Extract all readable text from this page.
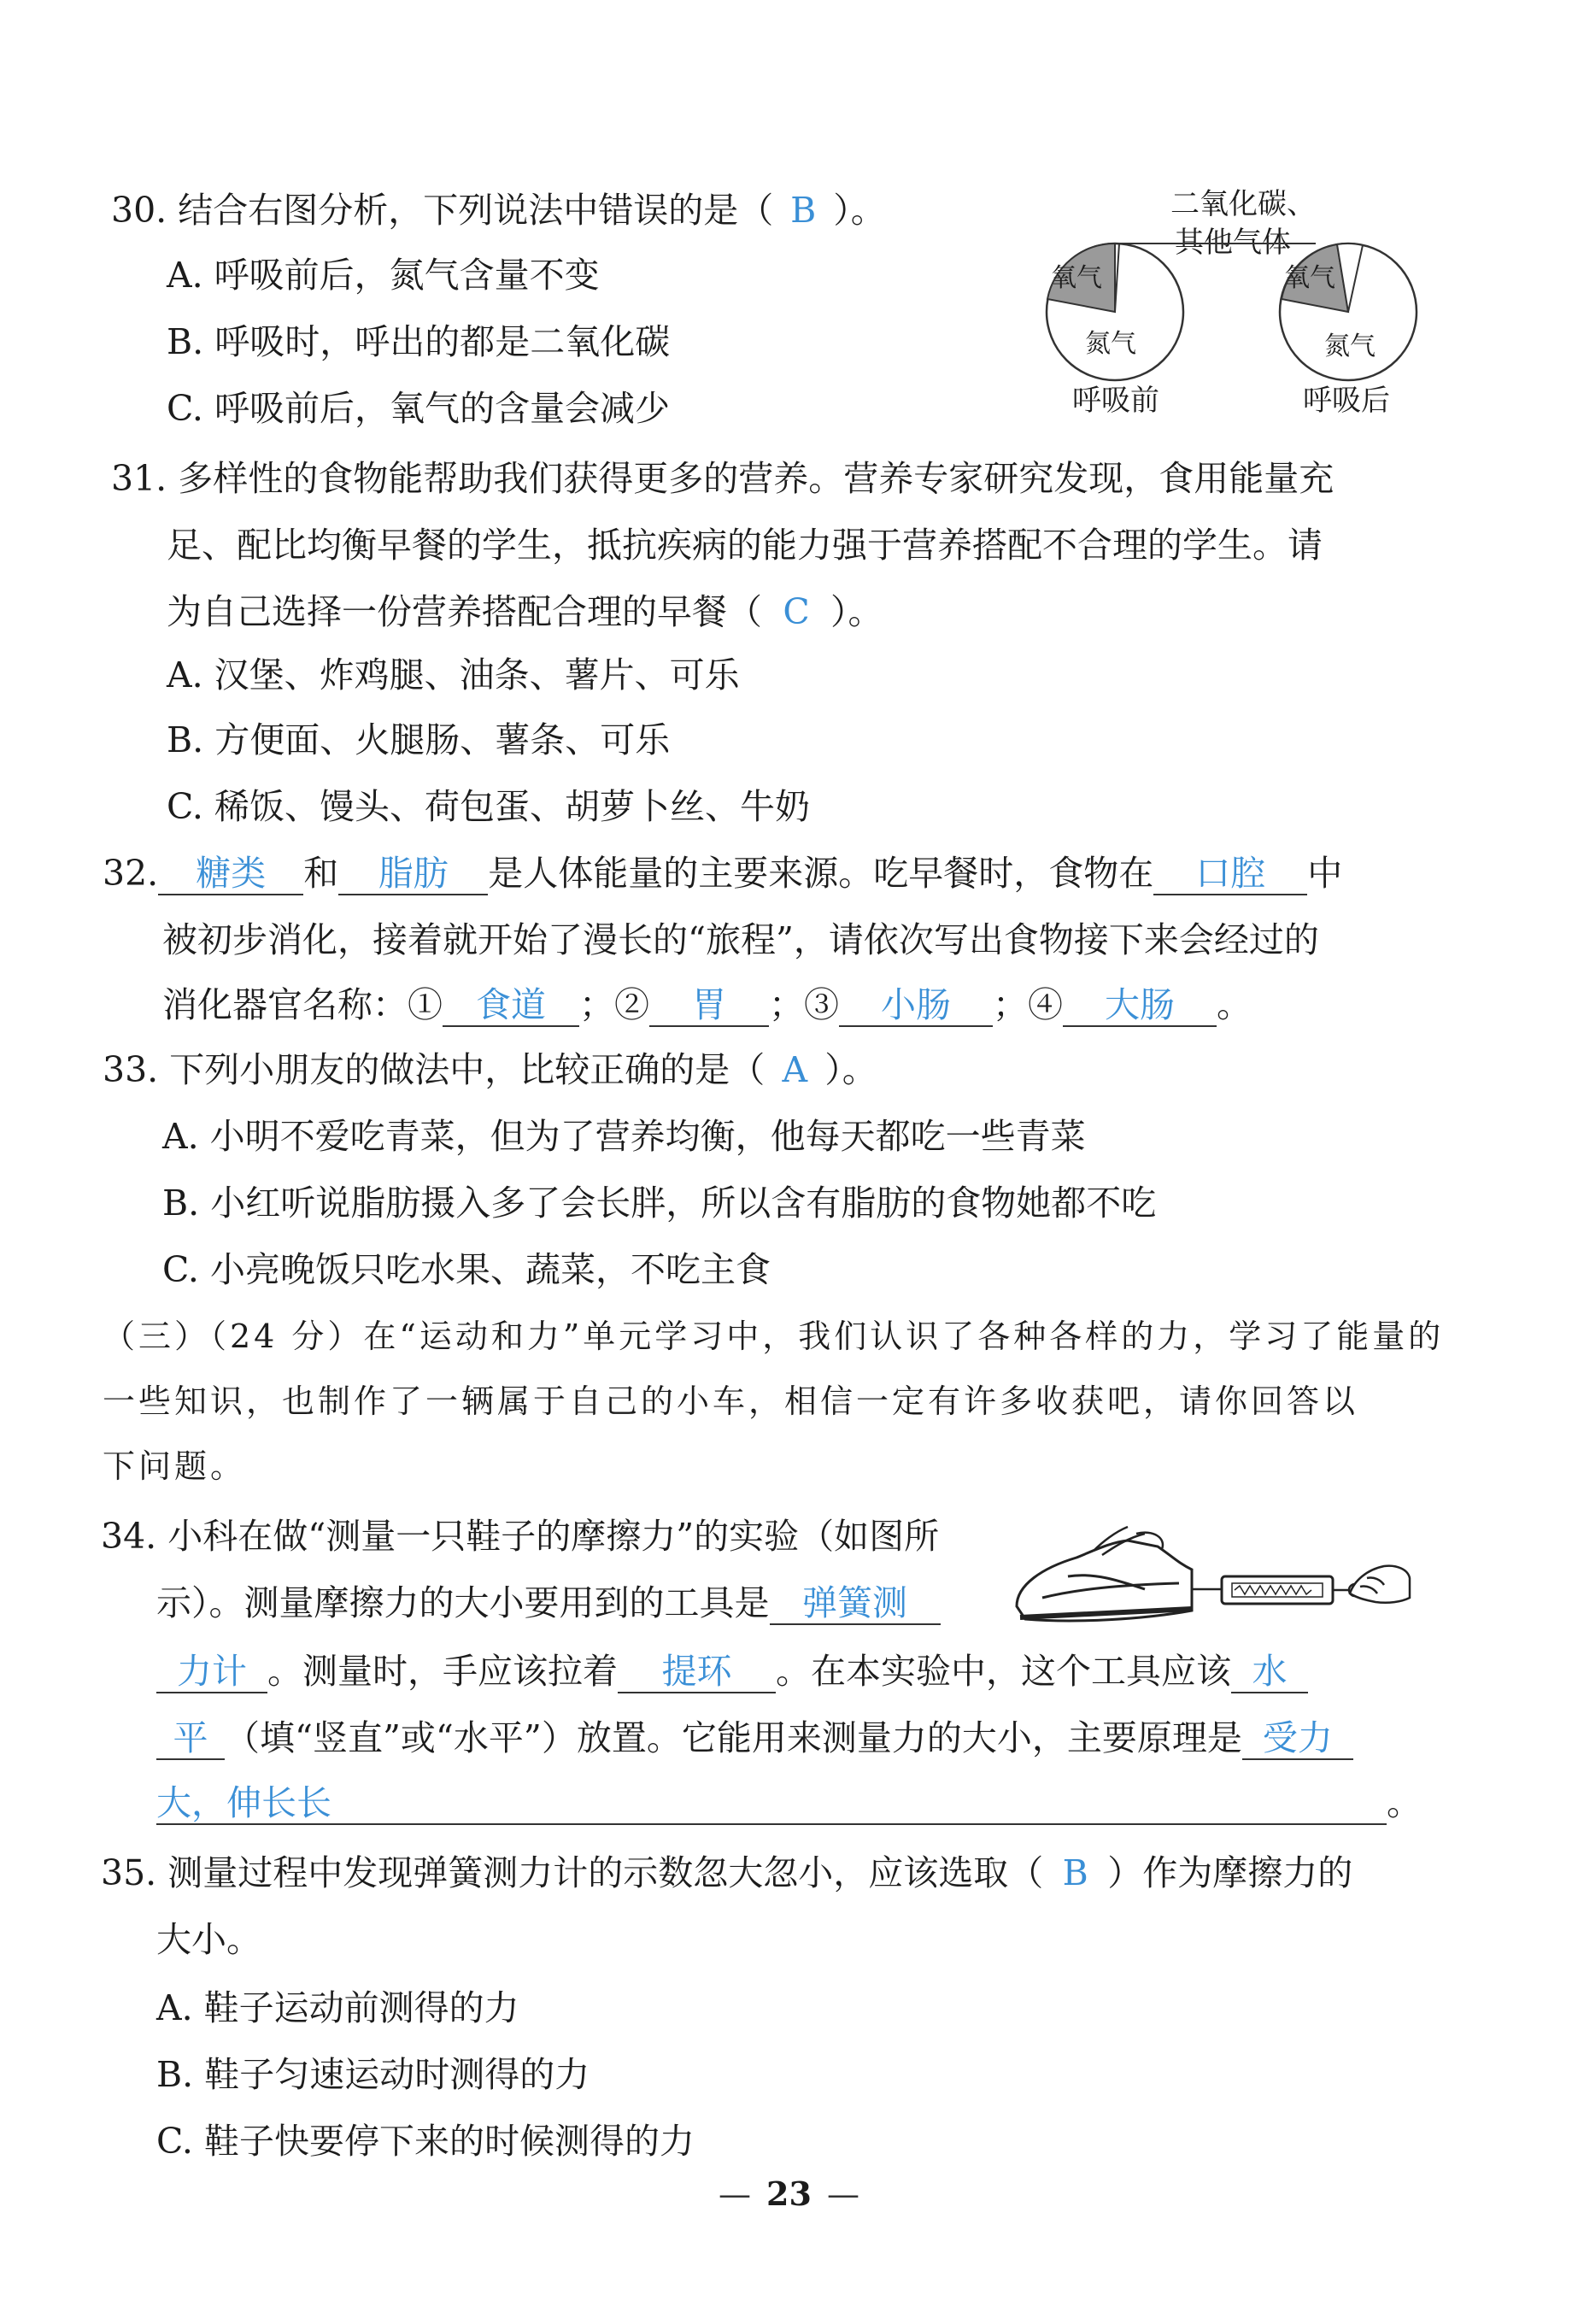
30. 结合右图分析，下列说法中错误的是（ B ）。
A. 呼吸前后，氮气含量不变
B. 呼吸时，呼出的都是二氧化碳
C. 呼吸前后，氧气的含量会减少
二氧化碳、
其他气体
氧气
氮气
氧气
氮气
呼吸前	呼吸后
31. 多样性的食物能帮助我们获得更多的营养。营养专家研究发现，食用能量充
足、配比均衡早餐的学生，抵抗疾病的能力强于营养搭配不合理的学生。请
为自己选择一份营养搭配合理的早餐（ C ）。
A. 汉堡、炸鸡腿、油条、薯片、可乐
B. 方便面、火腿肠、薯条、可乐
C. 稀饭、馒头、荷包蛋、胡萝卜丝、牛奶
32. 糖类 和 脂肪 是人体能量的主要来源。吃早餐时，食物在 口腔 中
被初步消化，接着就开始了漫长的“旅程”，请依次写出食物接下来会经过的
消化器官名称：① 食道 ；② 胃 ；③ 小肠 ；④ 大肠 。
33. 下列小朋友的做法中，比较正确的是（ A ）。
A. 小明不爱吃青菜，但为了营养均衡，他每天都吃一些青菜
B. 小红听说脂肪摄入多了会长胖，所以含有脂肪的食物她都不吃
C. 小亮晚饭只吃水果、蔬菜，不吃主食
（三）（24 分）在“运动和力”单元学习中，我们认识了各种各样的力，学习了能量的
一些知识，也制作了一辆属于自己的小车，相信一定有许多收获吧，请你回答以
下问题。
34. 小科在做“测量一只鞋子的摩擦力”的实验（如图所
示）。测量摩擦力的大小要用到的工具是 弹簧测
力计 。测量时，手应该拉着 提环 。在本实验中，这个工具应该 水
平 （填“竖直”或“水平”）放置。它能用来测量力的大小，主要原理是 受力
大，伸长长	。
35. 测量过程中发现弹簧测力计的示数忽大忽小，应该选取（ B ）作为摩擦力的
大小。
A. 鞋子运动前测得的力
B. 鞋子匀速运动时测得的力
C. 鞋子快要停下来的时候测得的力
— 23 —
